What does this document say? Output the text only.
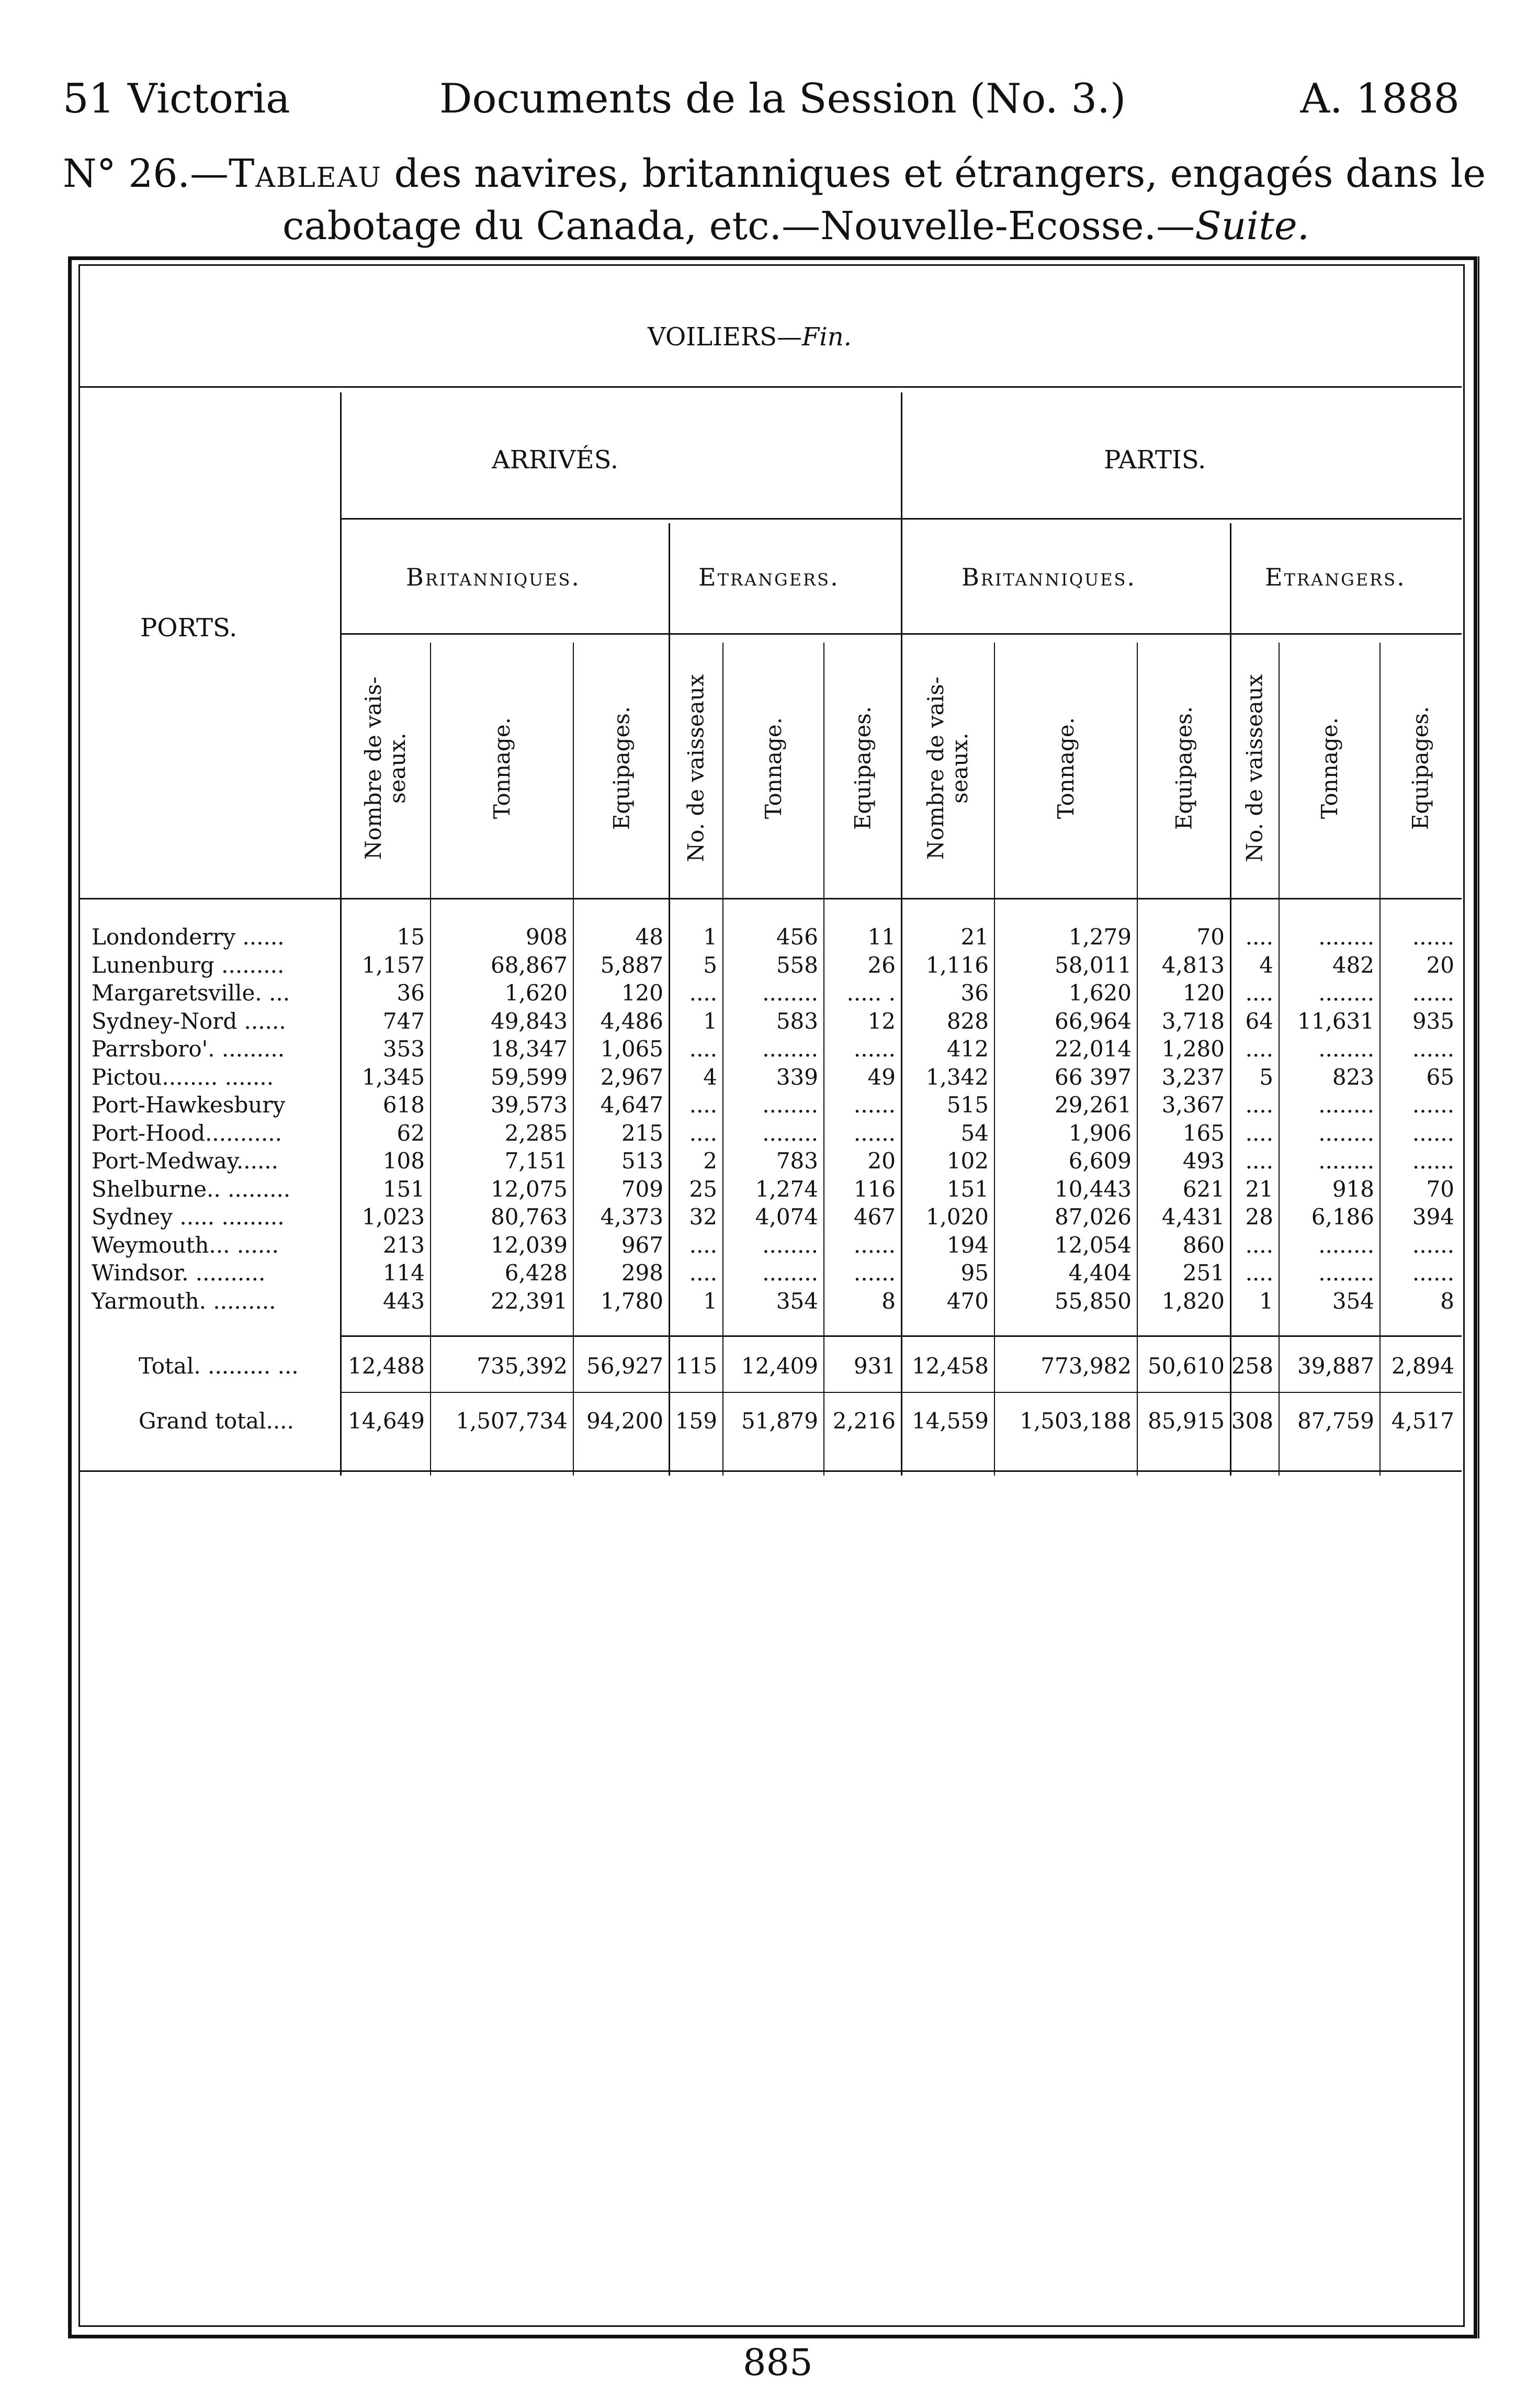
51 Victoria	Documents de la Session (No. 3.)	A. 1888
N° 26.—Tableau des navires, britanniques et étrangers, engagés dans le
cabotage du Canada, etc.—Nouvelle-Ecosse.—Suite.
VOILIERS—Fin.
PORTS.
ARRIVÉS.	PARTIS.
Britanniques.	Etrangers.	Britanniques.	Etrangers.
Nombre de vais-
seaux.	Tonnage.	Equipages. No. de vaisseaux Tonnage.	Equipages. Nombre de vais-
seaux.	Tonnage.	Equipages. No. de vaisseaux Tonnage.	Equipages.
Londonderry ......	15	908	48 1	456 11	21	1,279	70 .... ........ ......
Lunenburg .........	1,157	68,867 5,887 5	558 26 1,116	58,011 4,813 4	482 20
Margaretsville. ...	36	1,620 120 .... ........ ..... .	36	1,620 120 .... ........ ......
Sydney-Nord ......	747	49,843 4,486 1	583 12 828	66,964 3,718 64 11,631 935
Parrsboro'. .........	353	18,347 1,065 .... ........ ...... 412	22,014 1,280 .... ........ ......
Pictou........ .......	1,345	59,599 2,967 4	339 49 1,342	66 397 3,237 5	823 65
Port-Hawkesbury	618	39,573 4,647 .... ........ ...... 515	29,261 3,367 .... ........ ......
Port-Hood...........	62	2,285 215 .... ........ ......	54	1,906 165 .... ........ ......
Port-Medway......	108	7,151 513 2	783 20 102	6,609 493 .... ........ ......
Shelburne.. .........	151	12,075 709 25 1,274 116 151	10,443 621 21	918 70
Sydney ..... .........	1,023	80,763 4,373 32 4,074 467 1,020	87,026 4,431 28 6,186 394
Weymouth... ......	213	12,039 967 .... ........ ...... 194	12,054 860 .... ........ ......
Windsor. ..........	114	6,428 298 .... ........ ......	95	4,404 251 .... ........ ......
Yarmouth. .........	443	22,391 1,780 1	354	8 470	55,850 1,820 1	354	8
Total. ......... ... 12,488 735,392 56,927 115 12,409 931 12,458 773,982 50,610 258 39,887 2,894
Grand total.... 14,649 1,507,734 94,200 159 51,879 2,216 14,559 1,503,188 85,915 308 87,759 4,517
885
